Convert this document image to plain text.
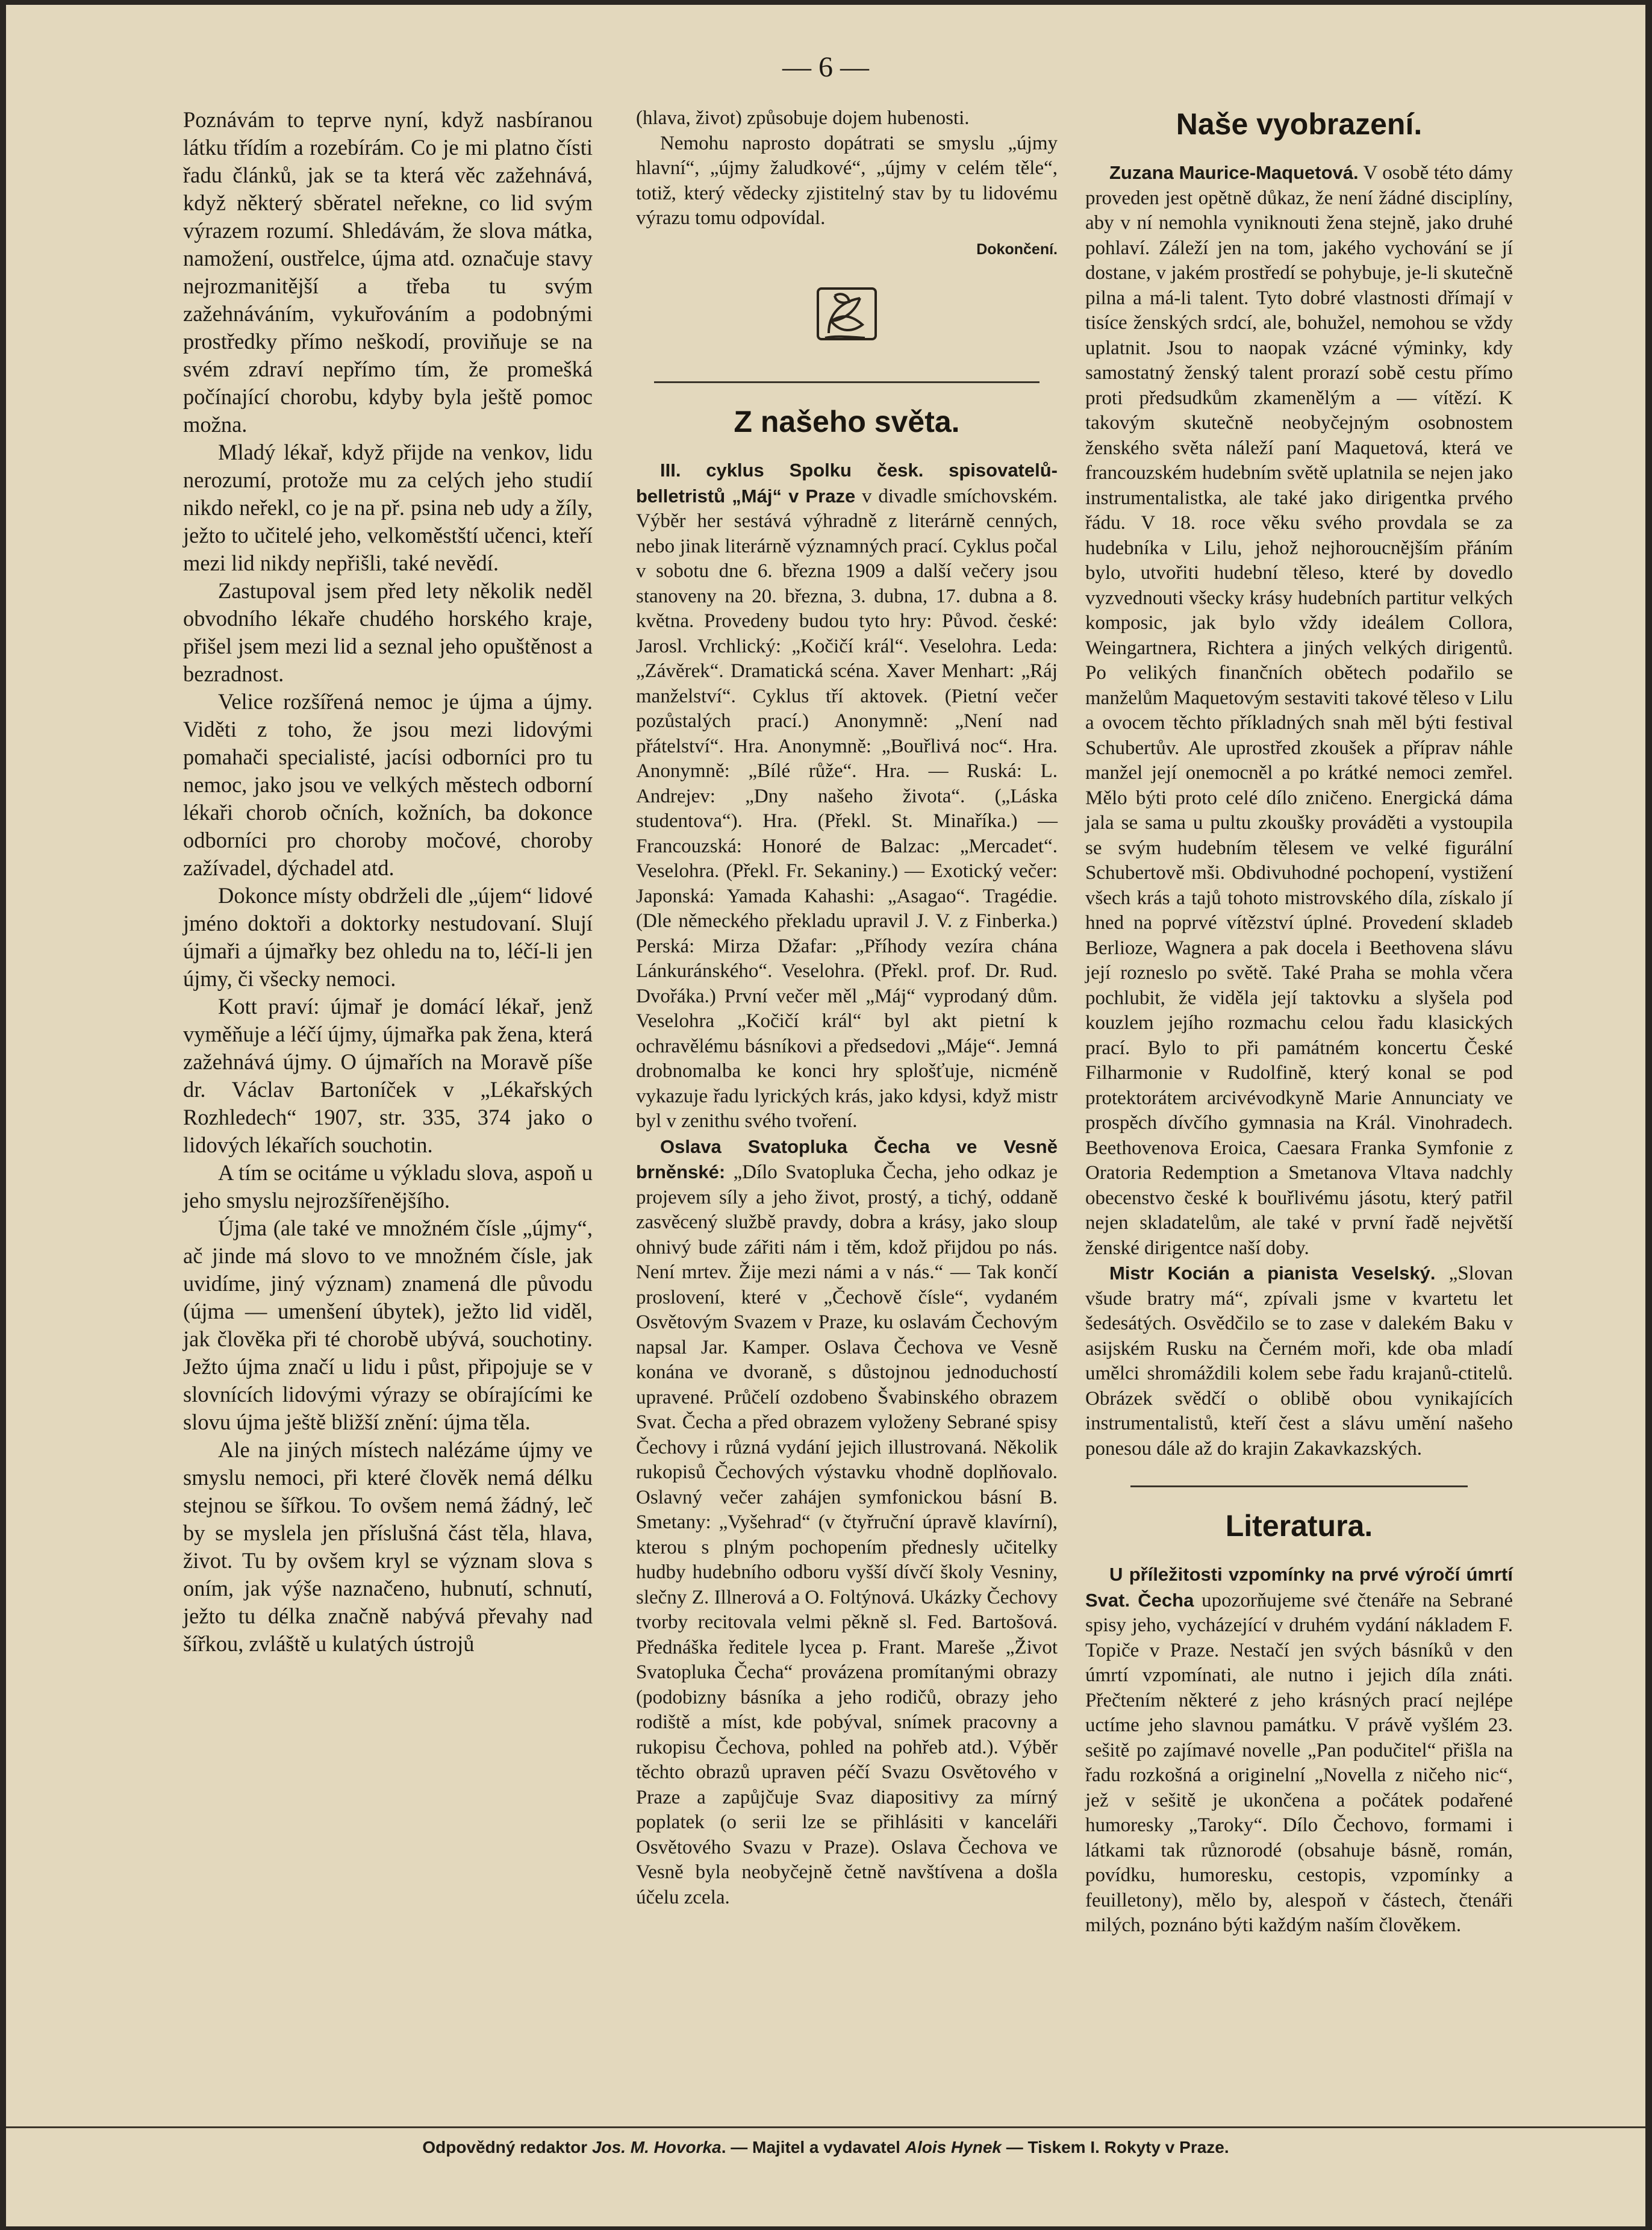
— 6 —

Poznávám to teprve nyní, když nasbíranou látku třídím a rozebírám. Co je mi platno čísti řadu článků, jak se ta která věc zažehnává, když některý sběratel neřekne, co lid svým výrazem rozumí. Shledávám, že slova mátka, namožení, oustřelce, újma atd. označuje stavy nejrozmanitější a třeba tu svým zažehnáváním, vykuřováním a podobnými prostředky přímo neškodí, proviňuje se na svém zdraví nepřímo tím, že promešká počínající chorobu, kdyby byla ještě pomoc možna.

Mladý lékař, když přijde na venkov, lidu nerozumí, protože mu za celých jeho studií nikdo neřekl, co je na př. psina neb udy a žíly, ježto to učitelé jeho, velkoměstští učenci, kteří mezi lid nikdy nepřišli, také nevědí.

Zastupoval jsem před lety několik neděl obvodního lékaře chudého horského kraje, přišel jsem mezi lid a seznal jeho opuštěnost a bezradnost.

Velice rozšířená nemoc je újma a újmy. Viděti z toho, že jsou mezi lidovými pomahači specialisté, jacísi odborníci pro tu nemoc, jako jsou ve velkých městech odborní lékaři chorob očních, kožních, ba dokonce odborníci pro choroby močové, choroby zažívadel, dýchadel atd.

Dokonce místy obdrželi dle „újem“ lidové jméno doktoři a doktorky nestudovaní. Slují újmaři a újmařky bez ohledu na to, léčí-li jen újmy, či všecky nemoci.

Kott praví: újmař je domácí lékař, jenž vyměňuje a léčí újmy, újmařka pak žena, která zažehnává újmy. O újmařích na Moravě píše dr. Václav Bartoníček v „Lékařských Rozhledech“ 1907, str. 335, 374 jako o lidových lékařích souchotin.

A tím se ocitáme u výkladu slova, aspoň u jeho smyslu nejrozšířenějšího.

Újma (ale také ve množném čísle „újmy“, ač jinde má slovo to ve množném čísle, jak uvidíme, jiný význam) znamená dle původu (újma — umenšení úbytek), ježto lid viděl, jak člověka při té chorobě ubývá, souchotiny. Ježto újma značí u lidu i půst, připojuje se v slovnících lidovými výrazy se obírajícími ke slovu újma ještě bližší znění: újma těla.

Ale na jiných místech nalézáme újmy ve smyslu nemoci, při které člověk nemá délku stejnou se šířkou. To ovšem nemá žádný, leč by se myslela jen příslušná část těla, hlava, život. Tu by ovšem kryl se význam slova s oním, jak výše naznačeno, hubnutí, schnutí, ježto tu délka značně nabývá převahy nad šířkou, zvláště u kulatých ústrojů

(hlava, život) způsobuje dojem hubenosti.

Nemohu naprosto dopátrati se smyslu „újmy hlavní“, „újmy žaludkové“, „újmy v celém těle“, totiž, který vědecky zjistitelný stav by tu lidovému výrazu tomu odpovídal.

Dokončení.
Z našeho světa.

III. cyklus Spolku česk. spisovatelů-belletristů „Máj“ v Praze v divadle smíchovském. Výběr her sestává výhradně z literárně cenných, nebo jinak literárně významných prací. Cyklus počal v sobotu dne 6. března 1909 a další večery jsou stanoveny na 20. března, 3. dubna, 17. dubna a 8. května. Provedeny budou tyto hry: Původ. české: Jarosl. Vrchlický: „Kočičí král“. Veselohra. Leda: „Závěrek“. Dramatická scéna. Xaver Menhart: „Ráj manželství“. Cyklus tří aktovek. (Pietní večer pozůstalých prací.) Anonymně: „Není nad přátelství“. Hra. Anonymně: „Bouřlivá noc“. Hra. Anonymně: „Bílé růže“. Hra. — Ruská: L. Andrejev: „Dny našeho života“. („Láska studentova“). Hra. (Překl. St. Minaříka.) — Francouzská: Honoré de Balzac: „Mercadet“. Veselohra. (Překl. Fr. Sekaniny.) — Exotický večer: Japonská: Yamada Kahashi: „Asagao“. Tragédie. (Dle německého překladu upravil J. V. z Finberka.) Perská: Mirza Džafar: „Příhody vezíra chána Lánkuránského“. Veselohra. (Překl. prof. Dr. Rud. Dvořáka.) První večer měl „Máj“ vyprodaný dům. Veselohra „Kočičí král“ byl akt pietní k ochravělému básníkovi a předsedovi „Máje“. Jemná drobnomalba ke konci hry splošťuje, nicméně vykazuje řadu lyrických krás, jako kdysi, když mistr byl v zenithu svého tvoření.

Oslava Svatopluka Čecha ve Vesně brněnské: „Dílo Svatopluka Čecha, jeho odkaz je projevem síly a jeho život, prostý, a tichý, oddaně zasvěcený službě pravdy, dobra a krásy, jako sloup ohnivý bude zářiti nám i těm, kdož přijdou po nás. Není mrtev. Žije mezi námi a v nás.“ — Tak končí proslovení, které v „Čechově čísle“, vydaném Osvětovým Svazem v Praze, ku oslavám Čechovým napsal Jar. Kamper. Oslava Čechova ve Vesně konána ve dvoraně, s důstojnou jednoduchostí upravené. Průčelí ozdobeno Švabinského obrazem Svat. Čecha a před obrazem vyloženy Sebrané spisy Čechovy i různá vydání jejich illustrovaná. Několik rukopisů Čechových výstavku vhodně doplňovalo. Oslavný večer zahájen symfonickou básní B. Smetany: „Vyšehrad“ (v čtyřruční úpravě klavírní), kterou s plným pochopením přednesly učitelky hudby hudebního odboru vyšší dívčí školy Vesniny, slečny Z. Illnerová a O. Foltýnová. Ukázky Čechovy tvorby recitovala velmi pěkně sl. Fed. Bartošová. Přednáška ředitele lycea p. Frant. Mareše „Život Svatopluka Čecha“ provázena promítanými obrazy (podobizny básníka a jeho rodičů, obrazy jeho rodiště a míst, kde pobýval, snímek pracovny a rukopisu Čechova, pohled na pohřeb atd.). Výběr těchto obrazů upraven péčí Svazu Osvětového v Praze a zapůjčuje Svaz diapositivy za mírný poplatek (o serii lze se přihlásiti v kanceláři Osvětového Svazu v Praze). Oslava Čechova ve Vesně byla neobyčejně četně navštívena a došla účelu zcela.

Naše vyobrazení.

Zuzana Maurice-Maquetová. V osobě této dámy proveden jest opětně důkaz, že není žádné disciplíny, aby v ní nemohla vyniknouti žena stejně, jako druhé pohlaví. Záleží jen na tom, jakého vychování se jí dostane, v jakém prostředí se pohybuje, je-li skutečně pilna a má-li talent. Tyto dobré vlastnosti dřímají v tisíce ženských srdcí, ale, bohužel, nemohou se vždy uplatnit. Jsou to naopak vzácné výminky, kdy samostatný ženský talent prorazí sobě cestu přímo proti předsudkům zkamenělým a — vítězí. K takovým skutečně neobyčejným osobnostem ženského světa náleží paní Maquetová, která ve francouzském hudebním světě uplatnila se nejen jako instrumentalistka, ale také jako dirigentka prvého řádu. V 18. roce věku svého provdala se za hudebníka v Lilu, jehož nejhoroucnějším přáním bylo, utvořiti hudební těleso, které by dovedlo vyzvednouti všecky krásy hudebních partitur velkých komposic, jak bylo vždy ideálem Collora, Weingartnera, Richtera a jiných velkých dirigentů. Po velikých finančních obětech podařilo se manželům Maquetovým sestaviti takové těleso v Lilu a ovocem těchto příkladných snah měl býti festival Schubertův. Ale uprostřed zkoušek a příprav náhle manžel její onemocněl a po krátké nemoci zemřel. Mělo býti proto celé dílo zničeno. Energická dáma jala se sama u pultu zkoušky prováděti a vystoupila se svým hudebním tělesem ve velké figurální Schubertově mši. Obdivuhodné pochopení, vystižení všech krás a tajů tohoto mistrovského díla, získalo jí hned na poprvé vítězství úplné. Provedení skladeb Berlioze, Wagnera a pak docela i Beethovena slávu její rozneslo po světě. Také Praha se mohla včera pochlubit, že viděla její taktovku a slyšela pod kouzlem jejího rozmachu celou řadu klasických prací. Bylo to při památném koncertu České Filharmonie v Rudolfině, který konal se pod protektorátem arcivévodkyně Marie Annunciaty ve prospěch dívčího gymnasia na Král. Vinohradech. Beethovenova Eroica, Caesara Franka Symfonie z Oratoria Redemption a Smetanova Vltava nadchly obecenstvo české k bouřlivému jásotu, který patřil nejen skladatelům, ale také v první řadě největší ženské dirigentce naší doby.

Mistr Kocián a pianista Veselský. „Slovan všude bratry má“, zpívali jsme v kvartetu let šedesátých. Osvědčilo se to zase v dalekém Baku v asijském Rusku na Černém moři, kde oba mladí umělci shromáždili kolem sebe řadu krajanů-ctitelů. Obrázek svědčí o oblibě obou vynikajících instrumentalistů, kteří čest a slávu umění našeho ponesou dále až do krajin Zakavkazských.

Literatura.

U příležitosti vzpomínky na prvé výročí úmrtí Svat. Čecha upozorňujeme své čtenáře na Sebrané spisy jeho, vycházející v druhém vydání nákladem F. Topiče v Praze. Nestačí jen svých básníků v den úmrtí vzpomínati, ale nutno i jejich díla znáti. Přečtením některé z jeho krásných prací nejlépe uctíme jeho slavnou památku. V právě vyšlém 23. sešitě po zajímavé novelle „Pan podučitel“ přišla na řadu rozkošná a originelní „Novella z ničeho nic“, jež v sešitě je ukončena a počátek podařené humoresky „Taroky“. Dílo Čechovo, formami i látkami tak různorodé (obsahuje básně, román, povídku, humoresku, cestopis, vzpomínky a feuilletony), mělo by, alespoň v částech, čtenáři milých, poznáno býti každým naším člověkem.

Odpovědný redaktor Jos. M. Hovorka. — Majitel a vydavatel Alois Hynek — Tiskem I. Rokyty v Praze.
